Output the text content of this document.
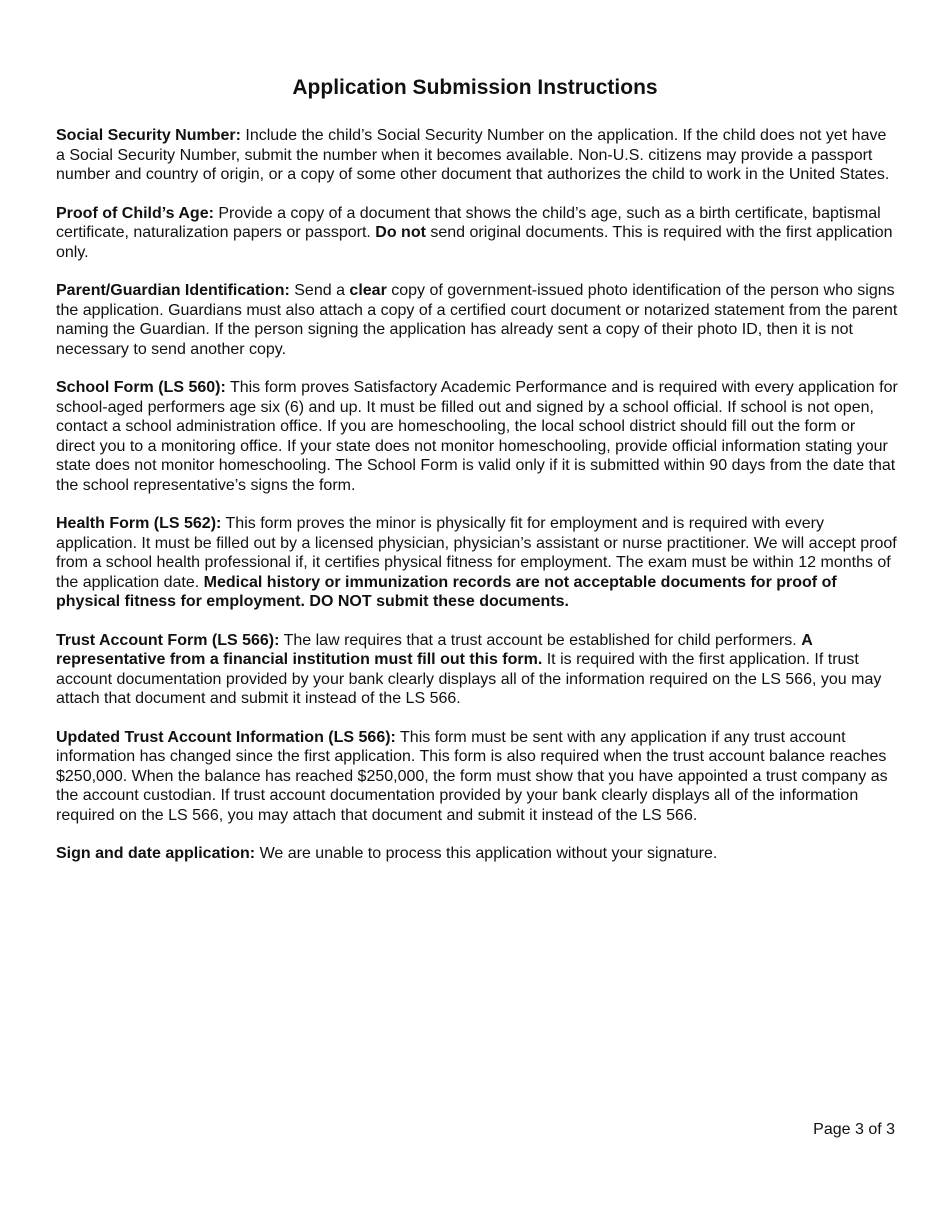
Application Submission Instructions

Social Security Number: Include the child’s Social Security Number on the application. If the child does not yet have a Social Security Number, submit the number when it becomes available. Non-U.S. citizens may provide a passport number and country of origin, or a copy of some other document that authorizes the child to work in the United States.

Proof of Child’s Age: Provide a copy of a document that shows the child’s age, such as a birth certificate, baptismal certificate, naturalization papers or passport. Do not send original documents. This is required with the first application only.

Parent/Guardian Identification: Send a clear copy of government-issued photo identification of the person who signs the application. Guardians must also attach a copy of a certified court document or notarized statement from the parent naming the Guardian. If the person signing the application has already sent a copy of their photo ID, then it is not necessary to send another copy.

School Form (LS 560): This form proves Satisfactory Academic Performance and is required with every application for school-aged performers age six (6) and up. It must be filled out and signed by a school official. If school is not open, contact a school administration office. If you are homeschooling, the local school district should fill out the form or direct you to a monitoring office. If your state does not monitor homeschooling, provide official information stating your state does not monitor homeschooling. The School Form is valid only if it is submitted within 90 days from the date that the school representative’s signs the form.

Health Form (LS 562): This form proves the minor is physically fit for employment and is required with every application. It must be filled out by a licensed physician, physician’s assistant or nurse practitioner. We will accept proof from a school health professional if, it certifies physical fitness for employment. The exam must be within 12 months of the application date. Medical history or immunization records are not acceptable documents for proof of physical fitness for employment. DO NOT submit these documents.

Trust Account Form (LS 566): The law requires that a trust account be established for child performers. A representative from a financial institution must fill out this form. It is required with the first application. If trust account documentation provided by your bank clearly displays all of the information required on the LS 566, you may attach that document and submit it instead of the LS 566.

Updated Trust Account Information (LS 566): This form must be sent with any application if any trust account information has changed since the first application. This form is also required when the trust account balance reaches $250,000. When the balance has reached $250,000, the form must show that you have appointed a trust company as the account custodian. If trust account documentation provided by your bank clearly displays all of the information required on the LS 566, you may attach that document and submit it instead of the LS 566.

Sign and date application: We are unable to process this application without your signature.

Page 3 of 3
